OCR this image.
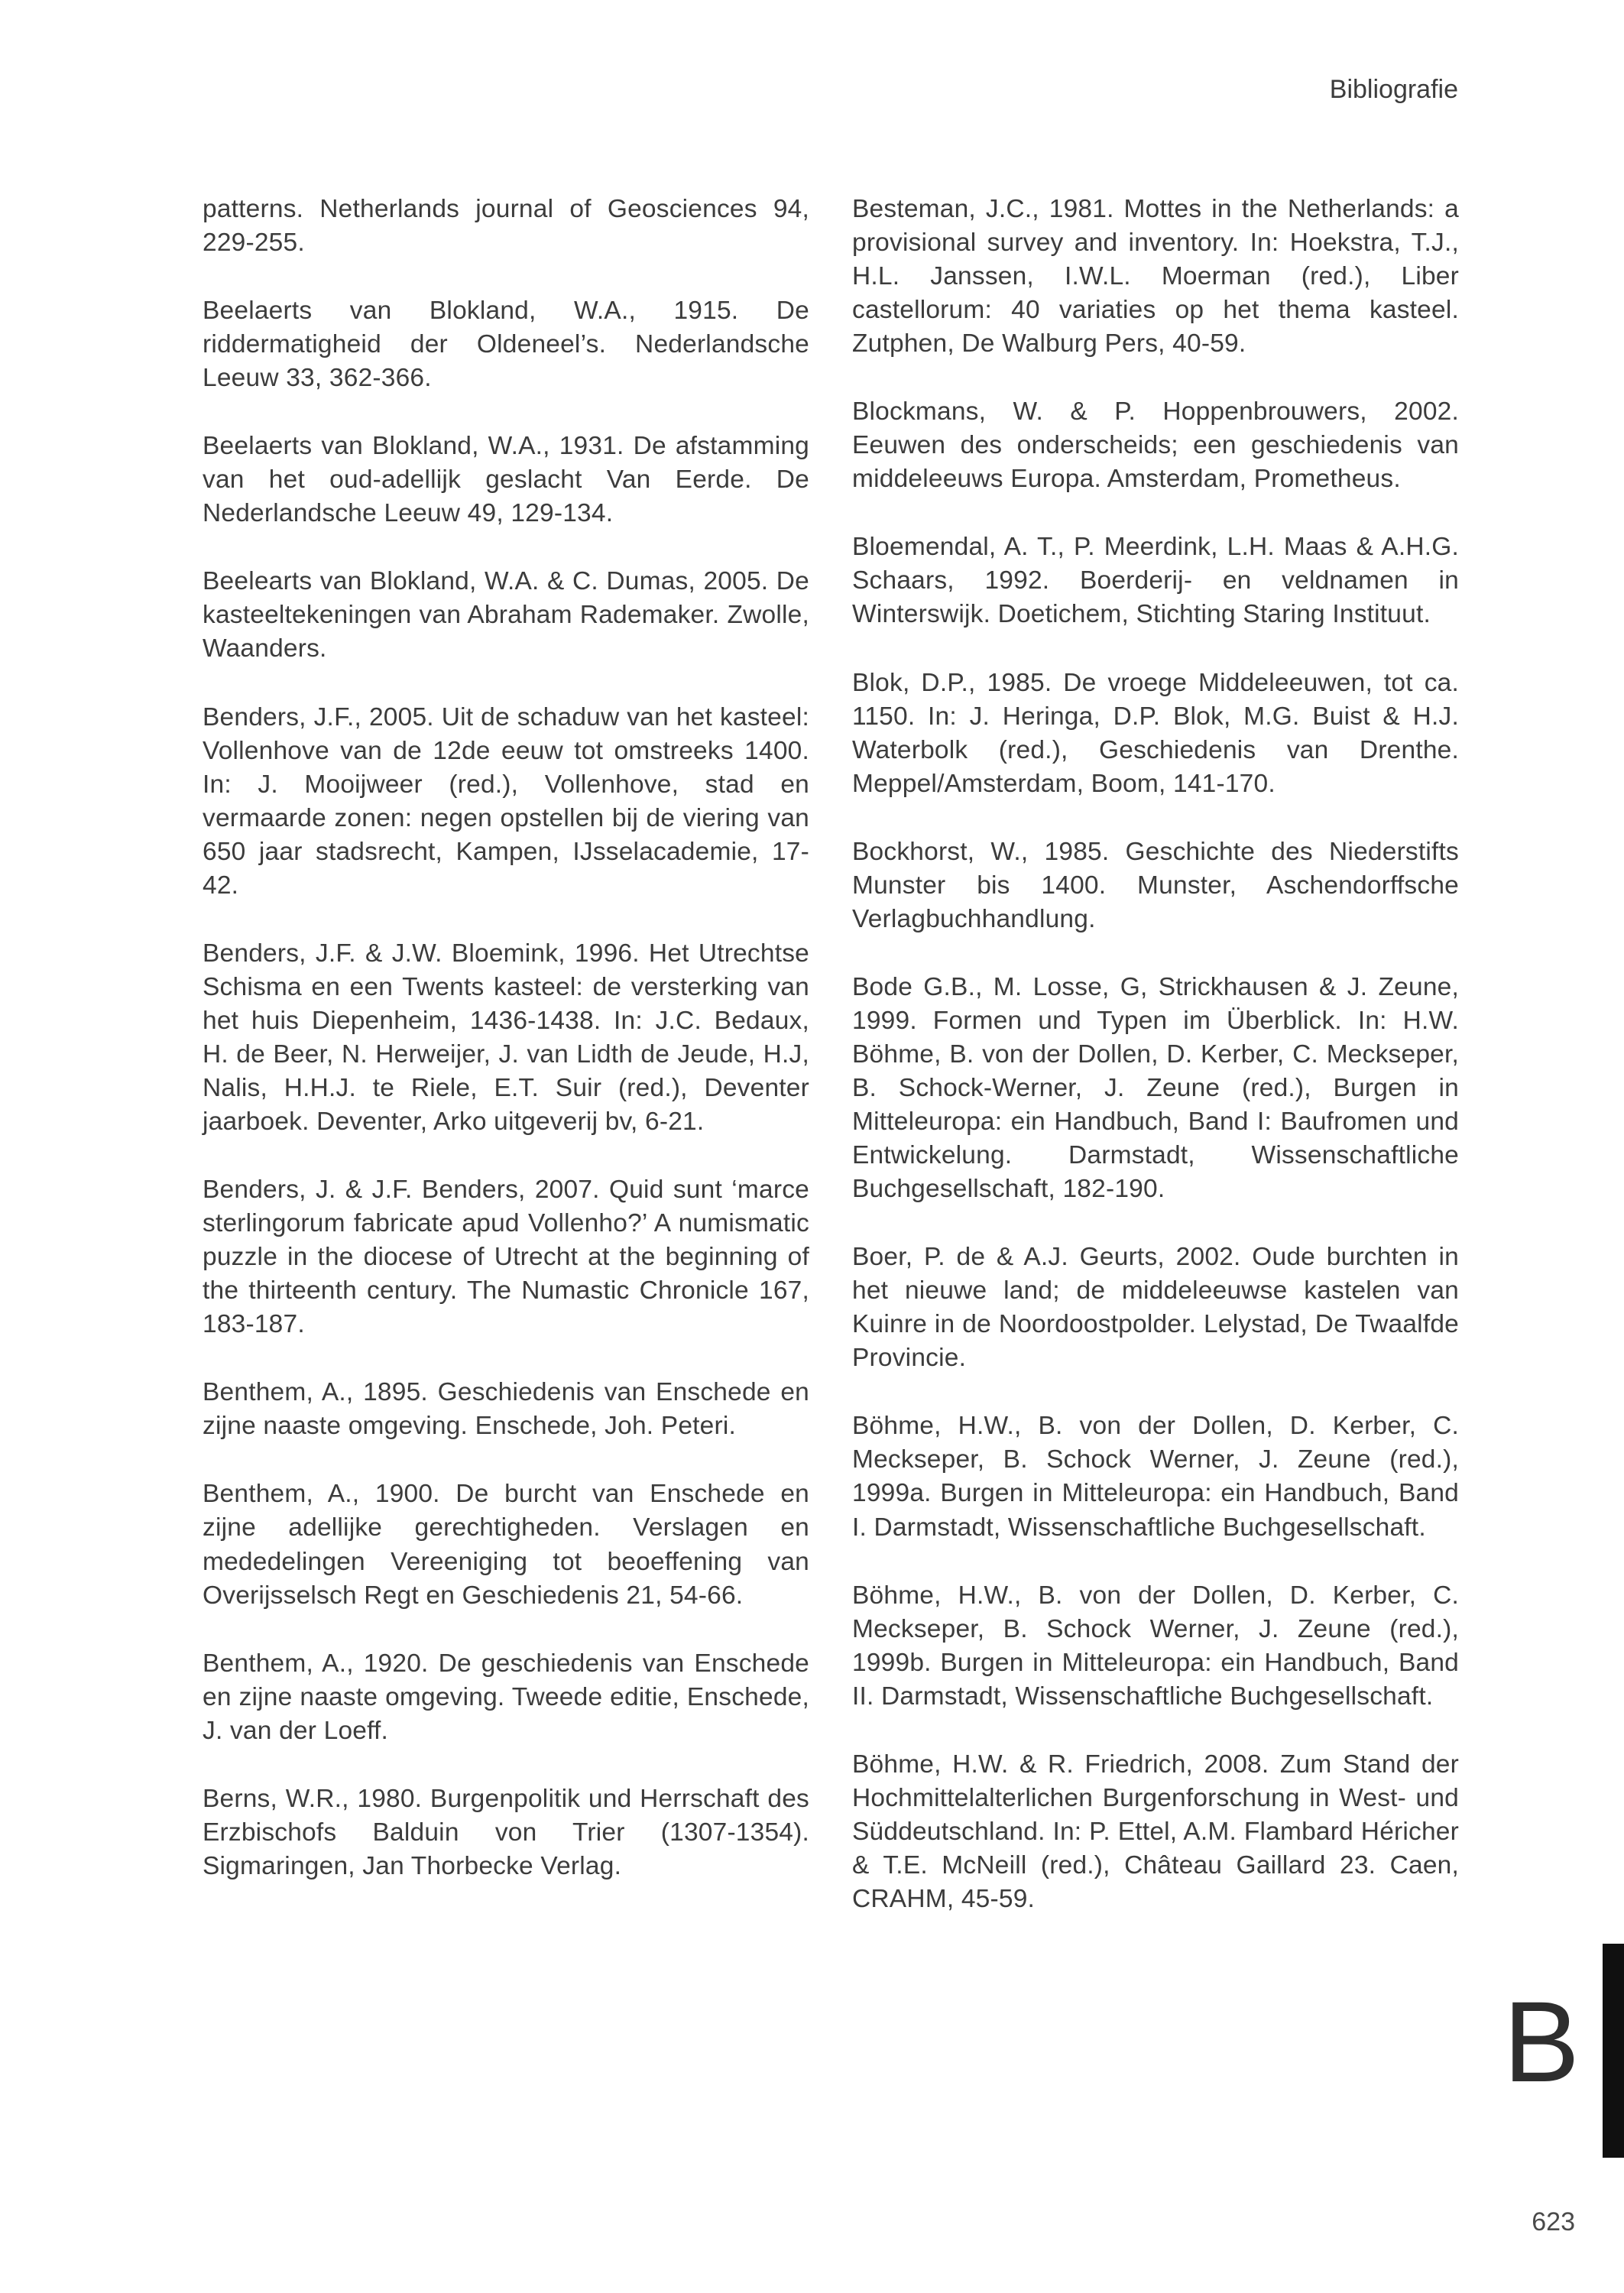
Bibliografie

patterns. Netherlands journal of Geosciences 94, 229-255.

Beelaerts van Blokland, W.A., 1915. De riddermatigheid der Oldeneel’s. Nederlandsche Leeuw 33, 362-366.

Beelaerts van Blokland, W.A., 1931. De afstamming van het oud-adellijk geslacht Van Eerde. De Nederlandsche Leeuw 49, 129-134.

Beelearts van Blokland, W.A. & C. Dumas, 2005. De kasteeltekeningen van Abraham Rademaker. Zwolle, Waanders.

Benders, J.F., 2005. Uit de schaduw van het kasteel: Vollenhove van de 12de eeuw tot omstreeks 1400. In: J. Mooijweer (red.), Vollenhove, stad en vermaarde zonen: negen opstellen bij de viering van 650 jaar stadsrecht, Kampen, IJsselacademie, 17-42.

Benders, J.F. & J.W. Bloemink, 1996. Het Utrechtse Schisma en een Twents kasteel: de versterking van het huis Diepenheim, 1436-1438. In: J.C. Bedaux, H. de Beer, N. Herweijer, J. van Lidth de Jeude, H.J, Nalis, H.H.J. te Riele, E.T. Suir (red.), Deventer jaarboek. Deventer, Arko uitgeverij bv, 6-21.

Benders, J. & J.F. Benders, 2007. Quid sunt ‘marce sterlingorum fabricate apud Vollenho?’ A numismatic puzzle in the diocese of Utrecht at the beginning of the thirteenth century. The Numastic Chronicle 167, 183-187.

Benthem, A., 1895. Geschiedenis van Enschede en zijne naaste omgeving. Enschede, Joh. Peteri.

Benthem, A., 1900. De burcht van Enschede en zijne adellijke gerechtigheden. Verslagen en mededelingen Vereeniging tot beoeffening van Overijsselsch Regt en Geschiedenis 21, 54-66.

Benthem, A., 1920. De geschiedenis van Enschede en zijne naaste omgeving. Tweede editie, Enschede, J. van der Loeff.

Berns, W.R., 1980. Burgenpolitik und Herrschaft des Erzbischofs Balduin von Trier (1307-1354). Sigmaringen, Jan Thorbecke Verlag.

Besteman, J.C., 1981. Mottes in the Netherlands: a provisional survey and inventory. In: Hoekstra, T.J., H.L. Janssen, I.W.L. Moerman (red.), Liber castellorum: 40 variaties op het thema kasteel. Zutphen, De Walburg Pers, 40-59.

Blockmans, W. & P. Hoppenbrouwers, 2002. Eeuwen des onderscheids; een geschiedenis van middeleeuws Europa. Amsterdam, Prometheus.

Bloemendal, A. T., P. Meerdink, L.H. Maas & A.H.G. Schaars, 1992. Boerderij- en veldnamen in Winterswijk. Doetichem, Stichting Staring Instituut.

Blok, D.P., 1985. De vroege Middeleeuwen, tot ca. 1150. In: J. Heringa, D.P. Blok, M.G. Buist & H.J. Waterbolk (red.), Geschiedenis van Drenthe. Meppel/Amsterdam, Boom, 141-170.

Bockhorst, W., 1985. Geschichte des Niederstifts Munster bis 1400. Munster, Aschendorffsche Verlagbuchhandlung.

Bode G.B., M. Losse, G, Strickhausen & J. Zeune, 1999. Formen und Typen im Überblick. In: H.W. Böhme, B. von der Dollen, D. Kerber, C. Meckseper, B. Schock-Werner, J. Zeune (red.), Burgen in Mitteleuropa: ein Handbuch, Band I: Baufromen und Entwickelung. Darmstadt, Wissenschaftliche Buchgesellschaft, 182-190.

Boer, P. de & A.J. Geurts, 2002. Oude burchten in het nieuwe land; de middeleeuwse kastelen van Kuinre in de Noordoostpolder. Lelystad, De Twaalfde Provincie.

Böhme, H.W., B. von der Dollen, D. Kerber, C. Meckseper, B. Schock Werner, J. Zeune (red.), 1999a. Burgen in Mitteleuropa: ein Handbuch, Band I. Darmstadt, Wissenschaftliche Buchgesellschaft.

Böhme, H.W., B. von der Dollen, D. Kerber, C. Meckseper, B. Schock Werner, J. Zeune (red.), 1999b. Burgen in Mitteleuropa: ein Handbuch, Band II. Darmstadt, Wissenschaftliche Buchgesellschaft.

Böhme, H.W. & R. Friedrich, 2008. Zum Stand der Hochmittelalterlichen Burgenforschung in West- und Süddeutschland. In: P. Ettel, A.M. Flambard Héricher & T.E. McNeill (red.), Château Gaillard 23. Caen, CRAHM, 45-59.

B
623
